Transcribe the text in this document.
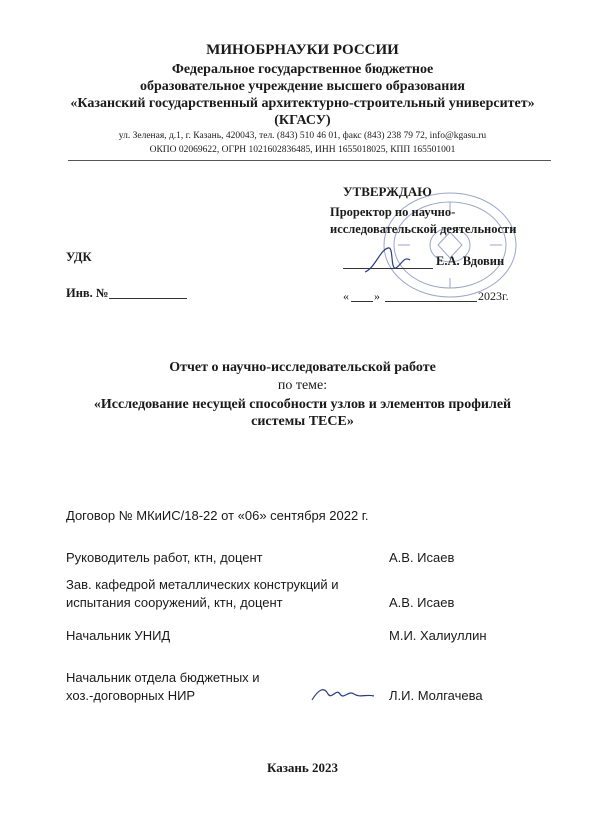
МИНОБРНАУКИ РОССИИ
Федеральное государственное бюджетное
образовательное учреждение высшего образования
«Казанский государственный архитектурно-строительный университет»
(КГАСУ)
ул. Зеленая, д.1, г. Казань, 420043, тел. (843) 510 46 01, факс (843) 238 79 72, info@kgasu.ru
ОКПО 02069622, ОГРН 1021602836485, ИНН 1655018025, КПП 165501001
УТВЕРЖДАЮ
Проректор по научно-
исследовательской деятельности
Е.А. Вдовин
« »	2023г.
УДК
Инв. №
Отчет о научно-исследовательской работе
по теме:
«Исследование несущей способности узлов и элементов профилей
системы ТЕСЕ»
Договор № МКиИС/18-22 от «06» сентября 2022 г.
Руководитель работ, ктн, доцент	А.В. Исаев
Зав. кафедрой металлических конструкций и
испытания сооружений, ктн, доцент	А.В. Исаев
Начальник УНИД	М.И. Халиуллин
Начальник отдела бюджетных и
хоз.-договорных НИР	Л.И. Молгачева
Казань 2023
